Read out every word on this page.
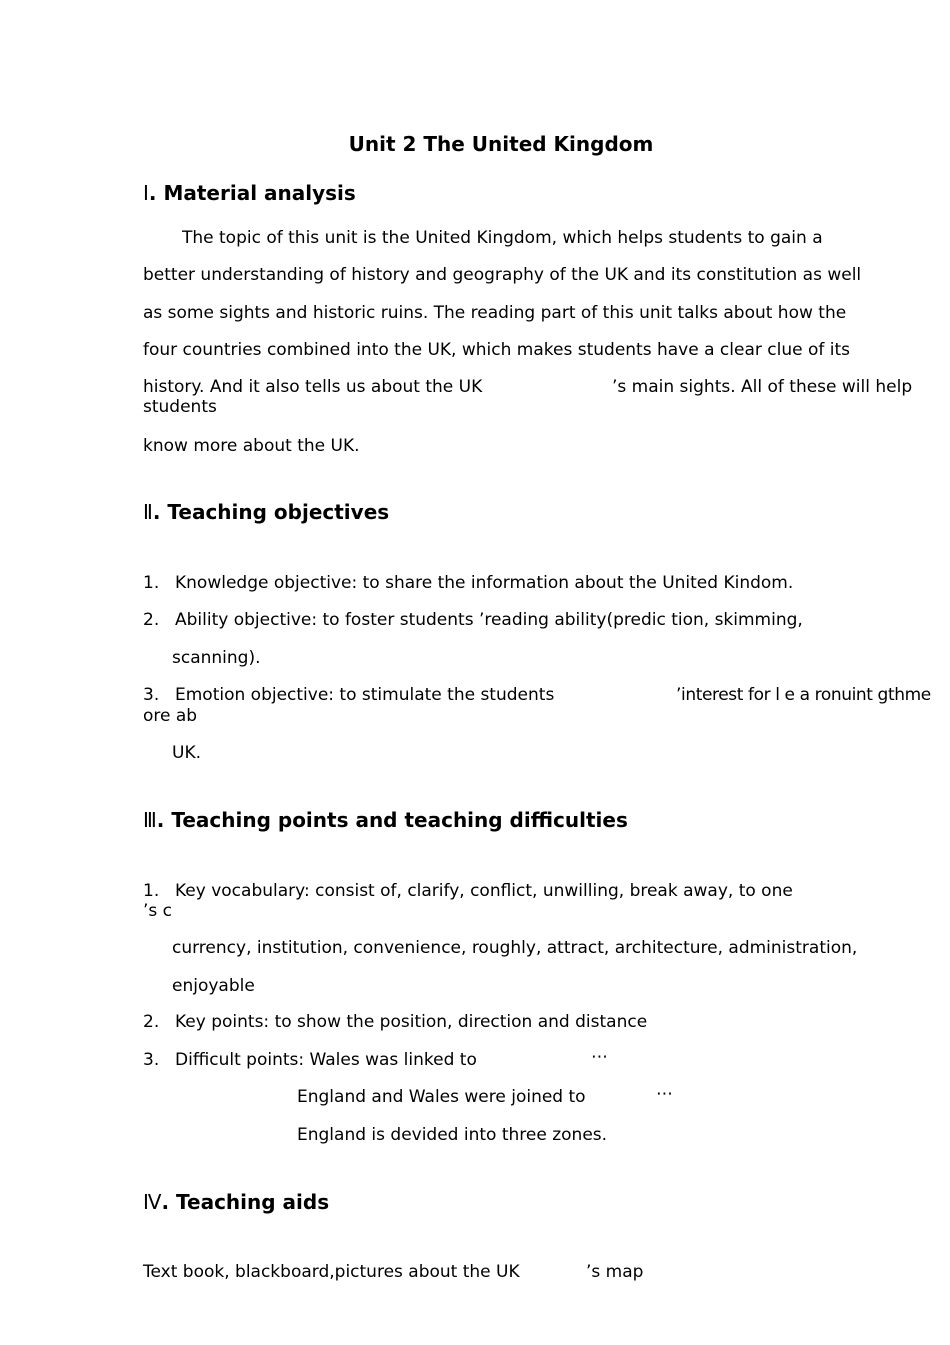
Unit 2 The United Kingdom
Ⅰ. Material analysis
The topic of this unit is the United Kingdom, which helps students to gain a
better understanding of history and geography of the UK and its constitution as well
as some sights and historic ruins. The reading part of this unit talks about how the
four countries combined into the UK, which makes students have a clear clue of its
history. And it also tells us about the UK	’s main sights. All of these will help
students
know more about the UK.
Ⅱ. Teaching objectives
1. Knowledge objective: to share the information about the United Kindom.
2. Ability objective: to foster students ’reading ability(predic tion, skimming,
scanning).
3. Emotion objective: to stimulate the students	’interest for l e a ronuint gthme
ore ab
UK.
Ⅲ. Teaching points and teaching difficulties
1. Key vocabulary: consist of, clarify, conflict, unwilling, break away, to one
’s c
currency, institution, convenience, roughly, attract, architecture, administration,
enjoyable
2. Key points: to show the position, direction and distance
3. Difficult points: Wales was linked to	⋯
England and Wales were joined to	⋯
England is devided into three zones.
Ⅳ. Teaching aids
Text book, blackboard,pictures about the UK	’s map
